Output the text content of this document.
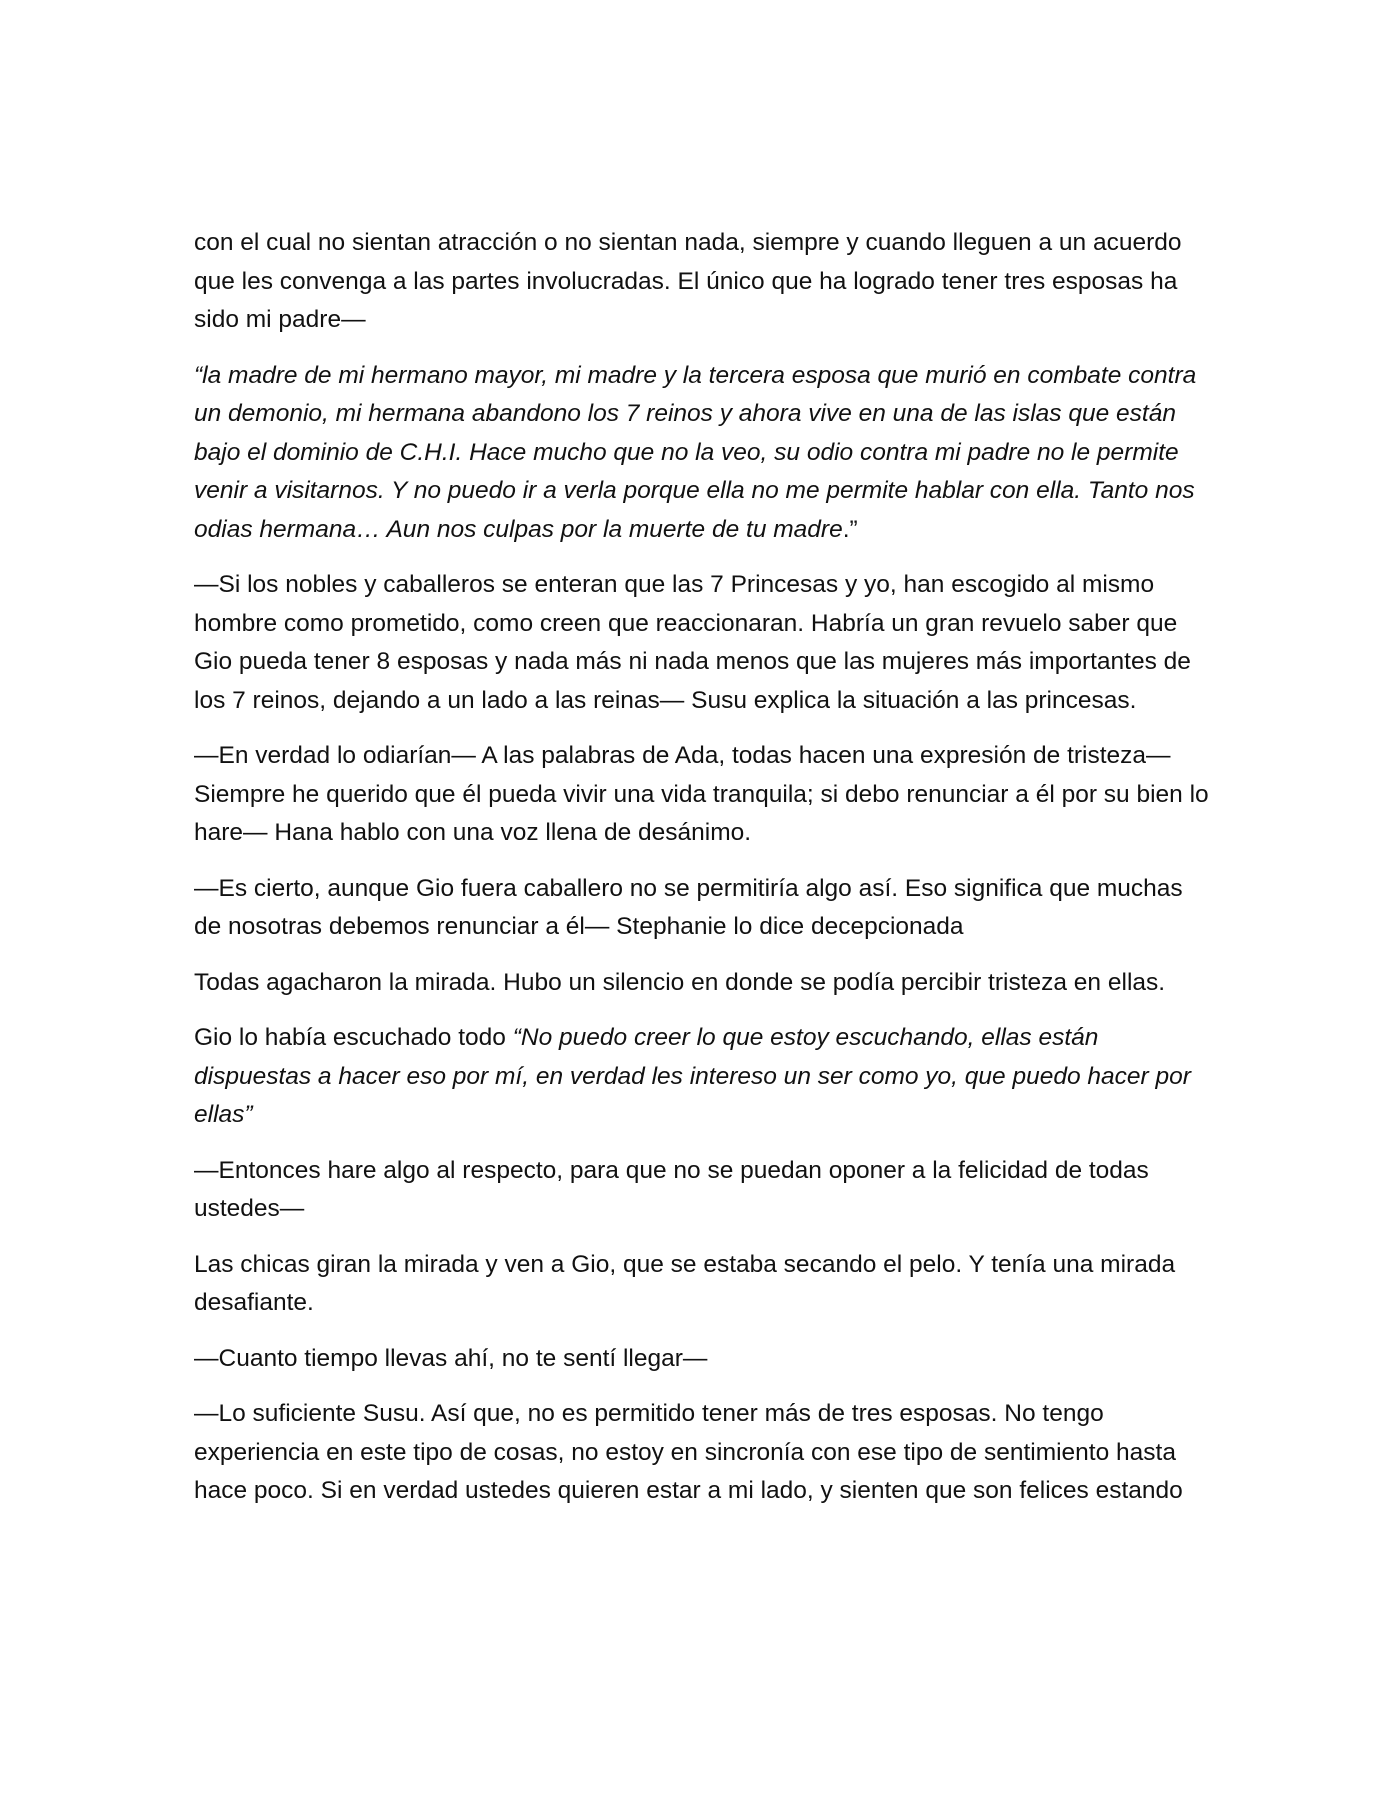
con el cual no sientan atracción o no sientan nada, siempre y cuando lleguen a un acuerdo que les convenga a las partes involucradas. El único que ha logrado tener tres esposas ha sido mi padre—

“la madre de mi hermano mayor, mi madre y la tercera esposa que murió en combate contra un demonio, mi hermana abandono los 7 reinos y ahora vive en una de las islas que están bajo el dominio de C.H.I. Hace mucho que no la veo, su odio contra mi padre no le permite venir a visitarnos. Y no puedo ir a verla porque ella no me permite hablar con ella. Tanto nos odias hermana… Aun nos culpas por la muerte de tu madre.”

—Si los nobles y caballeros se enteran que las 7 Princesas y yo, han escogido al mismo hombre como prometido, como creen que reaccionaran. Habría un gran revuelo saber que Gio pueda tener 8 esposas y nada más ni nada menos que las mujeres más importantes de los 7 reinos, dejando a un lado a las reinas— Susu explica la situación a las princesas.

—En verdad lo odiarían— A las palabras de Ada, todas hacen una expresión de tristeza— Siempre he querido que él pueda vivir una vida tranquila; si debo renunciar a él por su bien lo hare— Hana hablo con una voz llena de desánimo.

—Es cierto, aunque Gio fuera caballero no se permitiría algo así. Eso significa que muchas de nosotras debemos renunciar a él— Stephanie lo dice decepcionada

Todas agacharon la mirada. Hubo un silencio en donde se podía percibir tristeza en ellas.

Gio lo había escuchado todo “No puedo creer lo que estoy escuchando, ellas están dispuestas a hacer eso por mí, en verdad les intereso un ser como yo, que puedo hacer por ellas”

—Entonces hare algo al respecto, para que no se puedan oponer a la felicidad de todas ustedes—

Las chicas giran la mirada y ven a Gio, que se estaba secando el pelo. Y tenía una mirada desafiante.

—Cuanto tiempo llevas ahí, no te sentí llegar—

—Lo suficiente Susu. Así que, no es permitido tener más de tres esposas. No tengo experiencia en este tipo de cosas, no estoy en sincronía con ese tipo de sentimiento hasta hace poco. Si en verdad ustedes quieren estar a mi lado, y sienten que son felices estando
